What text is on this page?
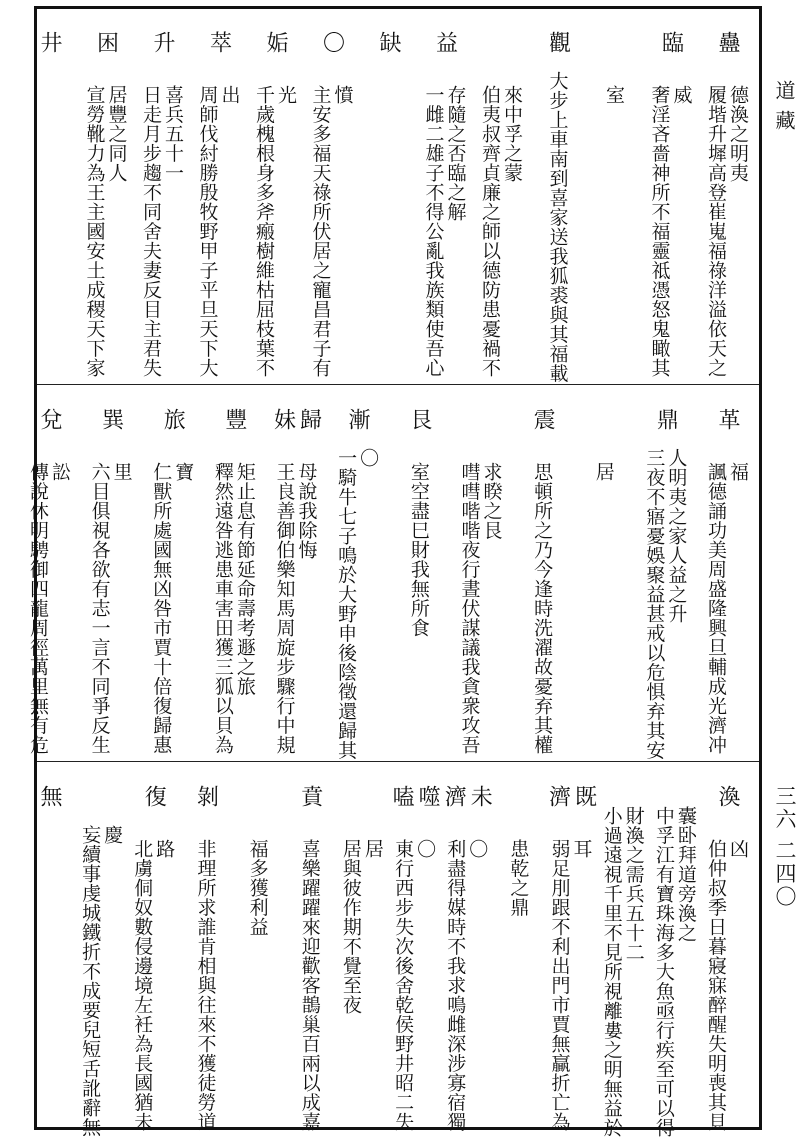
道藏
三六 二四〇
蠱
德渙之明夷
履堦升墀高登崔嵬福祿洋溢依天之
臨
威
奢淫吝嗇神所不福靈祗憑怒鬼瞰其
室
觀
大步上車南到喜家送我狐裘與其福載
來中孚之蒙
伯夷叔齊貞廉之師以德防患憂禍不
益
存隨之否臨之解
一雌二雄子不得公亂我族類使吾心
缺
〇
憤
主安多福天祿所伏居之寵昌君子有
姤
光
千歲槐根身多斧瘢樹維枯屈枝葉不
萃
出
周師伐紂勝殷牧野甲子平旦天下大
升
喜兵五十一
日走月步趨不同舍夫妻反目主君失
困
居豐之同人
宣勞靴力為王主國安土成稷天下家
井
革
福
諷德誦功美周盛隆興旦輔成光濟冲
鼎
人明夷之家人益之升
三夜不寤憂娛聚益甚戒以危惧弃其安
居
震
思頓所之乃今逢時洗濯故憂弃其權
求睽之艮
嘒嘒喈喈夜行晝伏謀議我貪衆攻吾
艮
室空盡巳財我無所食
漸
〇
一騎牛七子鳴於大野申後陰徵還歸其
歸妹
母說我除悔
王良善御伯樂知馬周旋步驟行中規
豐
矩止息有節延命壽考遯之旅
釋然遠咎逃患車害田獲三狐以貝為
旅
寶
仁獸所處國無凶咎市賈十倍復歸惠
巽
里
六目俱視各欲有志一言不同爭反生
兌
訟
傳說休明騁御四龍周徑萬里無有危
渙
凶
伯仲叔季日暮寢寐醉醒失明喪其貝
囊卧拜道旁渙之
中孚江有寶珠海多大魚亟行疾至可以得
財渙之需兵五十二
小過遠視千里不見所視離婁之明無益於
既濟
耳
弱足刖跟不利出門市賈無贏折亡為
患乾之鼎
未濟
〇
利盡得媒時不我求鳴雌深涉寡宿獨
噬嗑
〇
東行西步失次後舍乾侯野井昭二失
居
居與彼作期不覺至夜
賁
喜樂躍躍來迎歡客鵲巢百兩以成嘉
福多獲利益
剝
非理所求誰肯相與往來不獲徒勞道
復
路
北虜侗奴數侵邊境左衽為長國猶未
慶
妄續事虔城鐵折不成要兒短舌訛辭無
無
